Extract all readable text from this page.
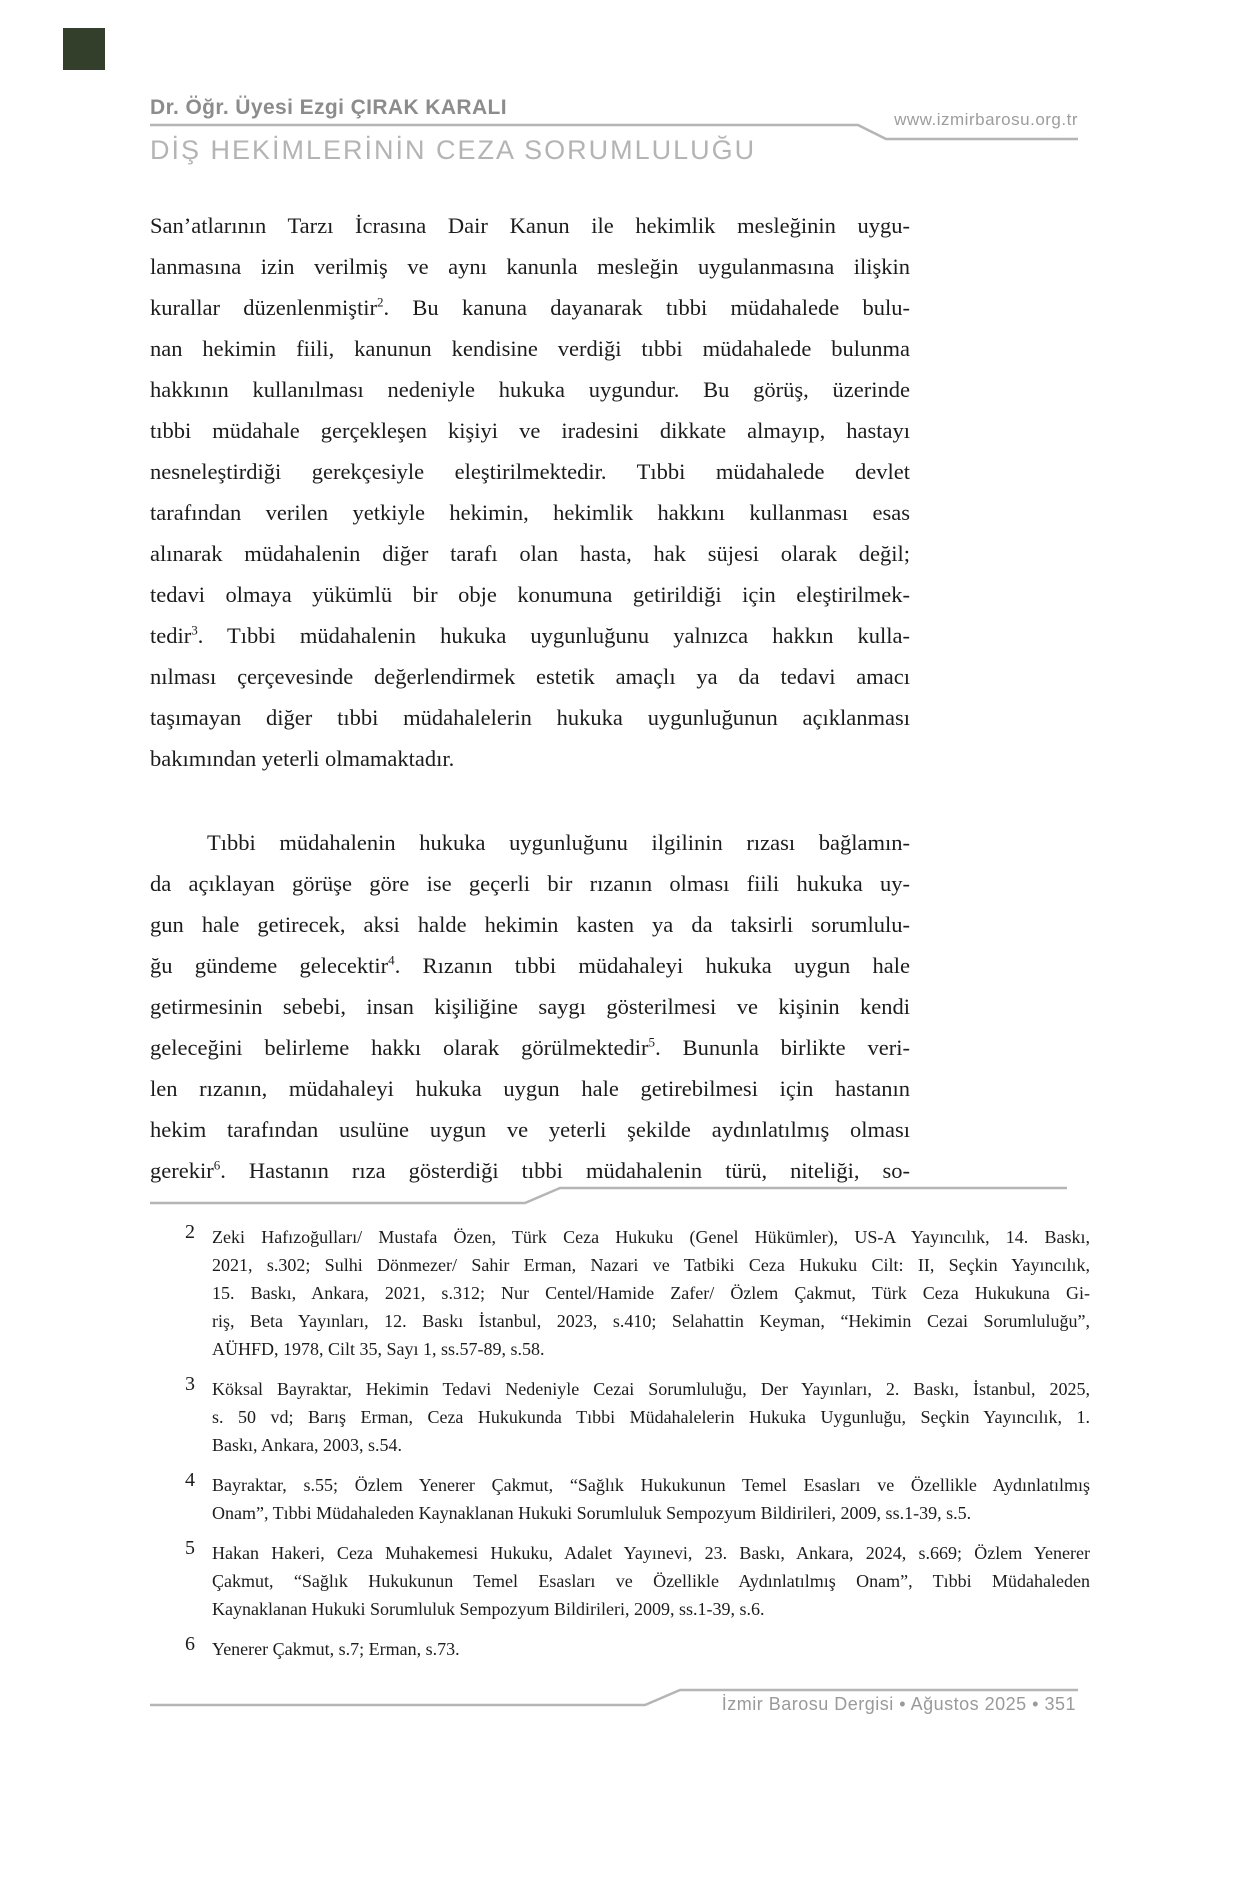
Dr. Öğr. Üyesi Ezgi ÇIRAK KARALI
www.izmirbarosu.org.tr
DİŞ HEKİMLERİNİN CEZA SORUMLULUĞU
San’atlarının Tarzı İcrasına Dair Kanun ile hekimlik mesleğinin uygu-
lanmasına izin verilmiş ve aynı kanunla mesleğin uygulanmasına ilişkin
kurallar düzenlenmiştir$^2$. Bu kanuna dayanarak tıbbi müdahalede bulu-
nan hekimin fiili, kanunun kendisine verdiği tıbbi müdahalede bulunma
hakkının kullanılması nedeniyle hukuka uygundur. Bu görüş, üzerinde
tıbbi müdahale gerçekleşen kişiyi ve iradesini dikkate almayıp, hastayı
nesneleştirdiği gerekçesiyle eleştirilmektedir. Tıbbi müdahalede devlet
tarafından verilen yetkiyle hekimin, hekimlik hakkını kullanması esas
alınarak müdahalenin diğer tarafı olan hasta, hak süjesi olarak değil;
tedavi olmaya yükümlü bir obje konumuna getirildiği için eleştirilmek-
tedir$^3$. Tıbbi müdahalenin hukuka uygunluğunu yalnızca hakkın kulla-
nılması çerçevesinde değerlendirmek estetik amaçlı ya da tedavi amacı
taşımayan diğer tıbbi müdahalelerin hukuka uygunluğunun açıklanması
bakımından yeterli olmamaktadır.
Tıbbi müdahalenin hukuka uygunluğunu ilgilinin rızası bağlamın-
da açıklayan görüşe göre ise geçerli bir rızanın olması fiili hukuka uy-
gun hale getirecek, aksi halde hekimin kasten ya da taksirli sorumlulu-
ğu gündeme gelecektir$^4$. Rızanın tıbbi müdahaleyi hukuka uygun hale
getirmesinin sebebi, insan kişiliğine saygı gösterilmesi ve kişinin kendi
geleceğini belirleme hakkı olarak görülmektedir$^5$. Bununla birlikte veri-
len rızanın, müdahaleyi hukuka uygun hale getirebilmesi için hastanın
hekim tarafından usulüne uygun ve yeterli şekilde aydınlatılmış olması
gerekir$^6$. Hastanın rıza gösterdiği tıbbi müdahalenin türü, niteliği, so-
2 Zeki Hafızoğulları/ Mustafa Özen, Türk Ceza Hukuku (Genel Hükümler), US-A Yayıncılık, 14. Baskı,
2021, s.302; Sulhi Dönmezer/ Sahir Erman, Nazari ve Tatbiki Ceza Hukuku Cilt: II, Seçkin Yayıncılık,
15. Baskı, Ankara, 2021, s.312; Nur Centel/Hamide Zafer/ Özlem Çakmut, Türk Ceza Hukukuna Gi-
riş, Beta Yayınları, 12. Baskı İstanbul, 2023, s.410; Selahattin Keyman, “Hekimin Cezai Sorumluluğu”,
AÜHFD, 1978, Cilt 35, Sayı 1, ss.57-89, s.58.
3 Köksal Bayraktar, Hekimin Tedavi Nedeniyle Cezai Sorumluluğu, Der Yayınları, 2. Baskı, İstanbul, 2025,
s. 50 vd; Barış Erman, Ceza Hukukunda Tıbbi Müdahalelerin Hukuka Uygunluğu, Seçkin Yayıncılık, 1.
Baskı, Ankara, 2003, s.54.
4 Bayraktar, s.55; Özlem Yenerer Çakmut, “Sağlık Hukukunun Temel Esasları ve Özellikle Aydınlatılmış
Onam”, Tıbbi Müdahaleden Kaynaklanan Hukuki Sorumluluk Sempozyum Bildirileri, 2009, ss.1-39, s.5.
5 Hakan Hakeri, Ceza Muhakemesi Hukuku, Adalet Yayınevi, 23. Baskı, Ankara, 2024, s.669; Özlem Yenerer
Çakmut, “Sağlık Hukukunun Temel Esasları ve Özellikle Aydınlatılmış Onam”, Tıbbi Müdahaleden
Kaynaklanan Hukuki Sorumluluk Sempozyum Bildirileri, 2009, ss.1-39, s.6.
6 Yenerer Çakmut, s.7; Erman, s.73.
İzmir Barosu Dergisi • Ağustos 2025 • 351
